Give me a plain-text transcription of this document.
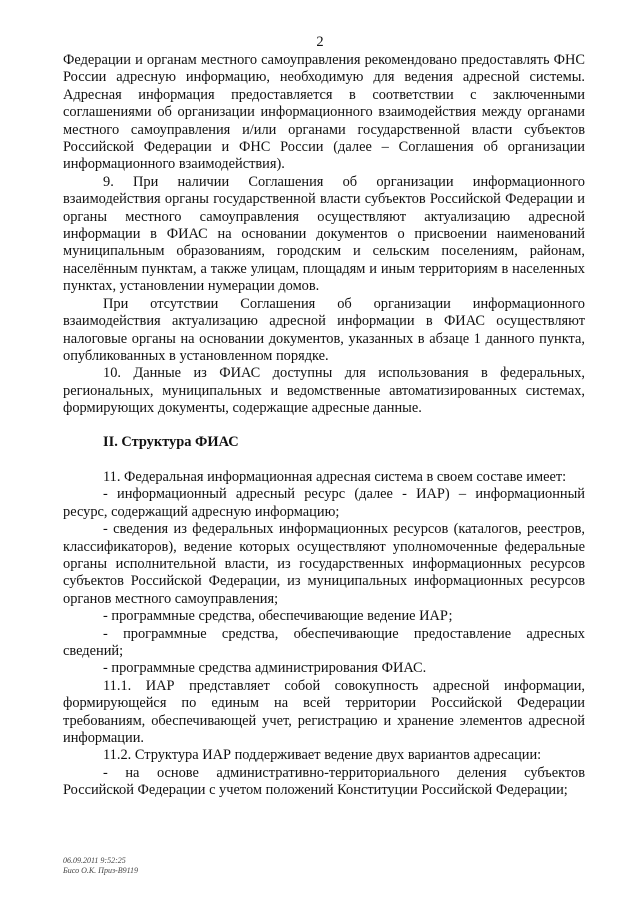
2

Федерации и органам местного самоуправления рекомендовано предоставлять ФНС России адресную информацию, необходимую для ведения адресной системы. Адресная информация предоставляется в соответствии с заключенными соглашениями об организации информационного взаимодействия между органами местного самоуправления и/или органами государственной власти субъектов Российской Федерации и ФНС России (далее – Соглашения об организации информационного взаимодействия).

9. При наличии Соглашения об организации информационного взаимодействия органы государственной власти субъектов Российской Федерации и органы местного самоуправления осуществляют актуализацию адресной информации в ФИАС на основании документов о присвоении наименований муниципальным образованиям, городским и сельским поселениям, районам, населённым пунктам, а также улицам, площадям и иным территориям в населенных пунктах, установлении нумерации домов.

При отсутствии Соглашения об организации информационного взаимодействия актуализацию адресной информации в ФИАС осуществляют налоговые органы на основании документов, указанных в абзаце 1 данного пункта, опубликованных в установленном порядке.

10. Данные из ФИАС доступны для использования в федеральных, региональных, муниципальных и ведомственные автоматизированных системах, формирующих документы, содержащие адресные данные.

II. Структура ФИАС

11. Федеральная информационная адресная система в своем составе имеет:

- информационный адресный ресурс (далее - ИАР) – информационный ресурс, содержащий адресную информацию;

- сведения из федеральных информационных ресурсов (каталогов, реестров, классификаторов), ведение которых осуществляют уполномоченные федеральные органы исполнительной власти, из государственных информационных ресурсов субъектов Российской Федерации, из муниципальных информационных ресурсов органов местного самоуправления;

- программные средства, обеспечивающие ведение ИАР;

- программные средства, обеспечивающие предоставление адресных сведений;

- программные средства администрирования ФИАС.

11.1. ИАР представляет собой совокупность адресной информации, формирующейся по единым на всей территории Российской Федерации требованиям, обеспечивающей учет, регистрацию и хранение элементов адресной информации.

11.2. Структура ИАР поддерживает ведение двух вариантов адресации:

- на основе административно-территориального деления субъектов Российской Федерации с учетом положений Конституции Российской Федерации;

06.09.2011 9:52:25
Бисо О.К. Приз-В9119
